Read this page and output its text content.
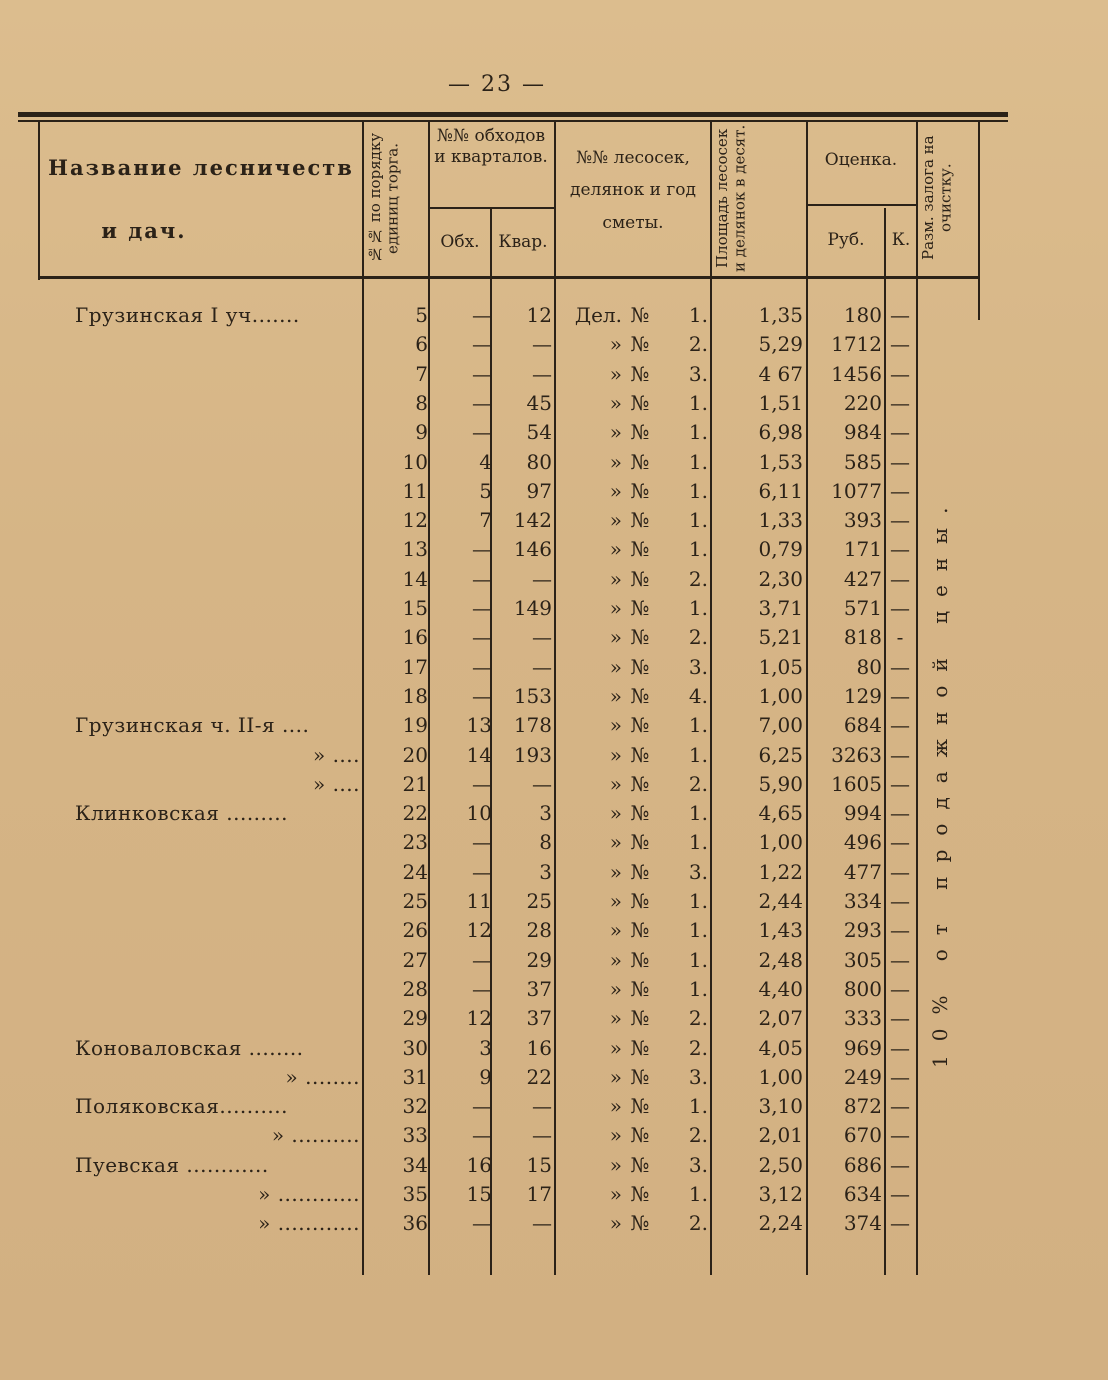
— 23 —
Название лесничеств
и дач.	№№ по порядку единиц торга.
№№ обходов и кварталов.
Обх.	Квар.
№№ лесосек, делянок и год сметы.	Площадь лесосек и делянок в десят.	Оценка.
Руб.	К. Разм. залога на очистку.
10% от продажной цены.
Грузинская I уч.......	5	—	12	Дел. №	1.	1,35	180 —
6	—	—	» №	2.	5,29	1712 —
7	—	—	» №	3.	4 67	1456 —
8	—	45	» №	1.	1,51	220 —
9	—	54	» №	1.	6,98	984 —
10	4	80	» №	1.	1,53	585 —
11	5	97	» №	1.	6,11	1077 —
12	7	142	» №	1.	1,33	393 —
13	—	146	» №	1.	0,79	171 —
14	—	—	» №	2.	2,30	427 —
15	—	149	» №	1.	3,71	571 —
16	—	—	» №	2.	5,21	818 -
17	—	—	» №	3.	1,05	80 —
18	—	153	» №	4.	1,00	129 —
Грузинская ч. II-я ....	19	13	178	» №	1.	7,00	684 —
» ....	20	14	193	» №	1.	6,25	3263 —
» ....	21	—	—	» №	2.	5,90	1605 —
Клинковская .........	22	10	3	» №	1.	4,65	994 —
23	—	8	» №	1.	1,00	496 —
24	—	3	» №	3.	1,22	477 —
25	11	25	» №	1.	2,44	334 —
26	12	28	» №	1.	1,43	293 —
27	—	29	» №	1.	2,48	305 —
28	—	37	» №	1.	4,40	800 —
29	12	37	» №	2.	2,07	333 —
Коноваловская ........	30	3	16	» №	2.	4,05	969 —
» ........	31	9	22	» №	3.	1,00	249 —
Поляковская..........	32	—	—	» №	1.	3,10	872 —
» ..........	33	—	—	» №	2.	2,01	670 —
Пуевская ............	34	16	15	» №	3.	2,50	686 —
» ............	35	15	17	» №	1.	3,12	634 —
» ............	36	—	—	» №	2.	2,24	374 —
